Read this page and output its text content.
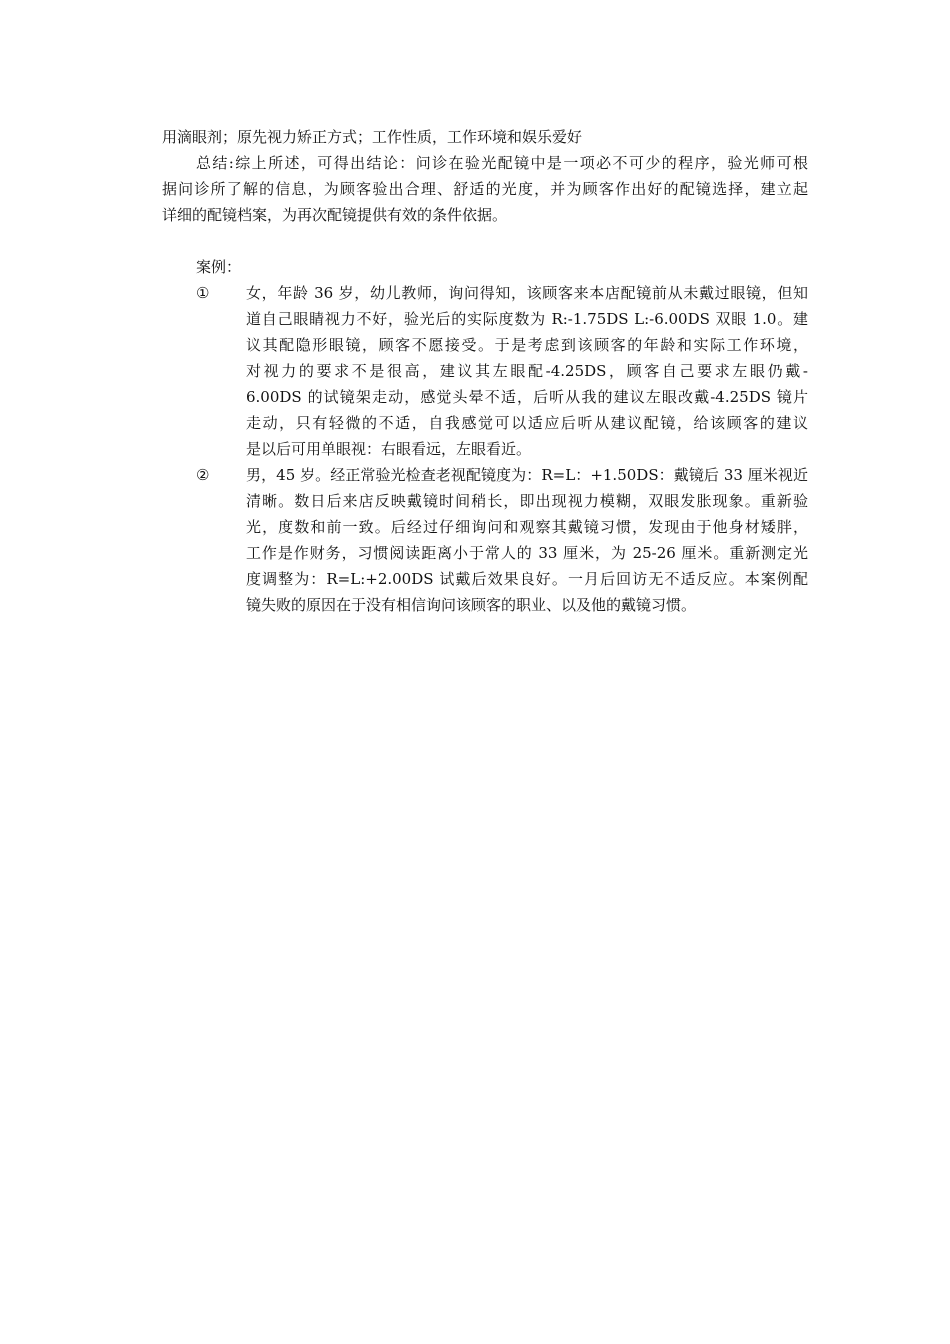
用滴眼剂；原先视力矫正方式；工作性质，工作环境和娱乐爱好
总结:综上所述，可得出结论：问诊在验光配镜中是一项必不可少的程序，验光师可根
据问诊所了解的信息，为顾客验出合理、舒适的光度，并为顾客作出好的配镜选择，建立起
详细的配镜档案，为再次配镜提供有效的条件依据。
案例：
① 女，年龄 36 岁，幼儿教师，询问得知，该顾客来本店配镜前从未戴过眼镜，但知
道自己眼睛视力不好，验光后的实际度数为 R:-1.75DS L:-6.00DS 双眼 1.0。建
议其配隐形眼镜，顾客不愿接受。于是考虑到该顾客的年龄和实际工作环境，
对视力的要求不是很高，建议其左眼配-4.25DS，顾客自己要求左眼仍戴-
6.00DS 的试镜架走动，感觉头晕不适，后听从我的建议左眼改戴-4.25DS 镜片
走动，只有轻微的不适，自我感觉可以适应后听从建议配镜，给该顾客的建议
是以后可用单眼视：右眼看远，左眼看近。
② 男，45 岁。经正常验光检查老视配镜度为：R=L：+1.50DS：戴镜后 33 厘米视近
清晰。数日后来店反映戴镜时间稍长，即出现视力模糊，双眼发胀现象。重新验
光，度数和前一致。后经过仔细询问和观察其戴镜习惯，发现由于他身材矮胖，
工作是作财务，习惯阅读距离小于常人的 33 厘米，为 25-26 厘米。重新测定光
度调整为：R=L:+2.00DS 试戴后效果良好。一月后回访无不适反应。本案例配
镜失败的原因在于没有相信询问该顾客的职业、以及他的戴镜习惯。
